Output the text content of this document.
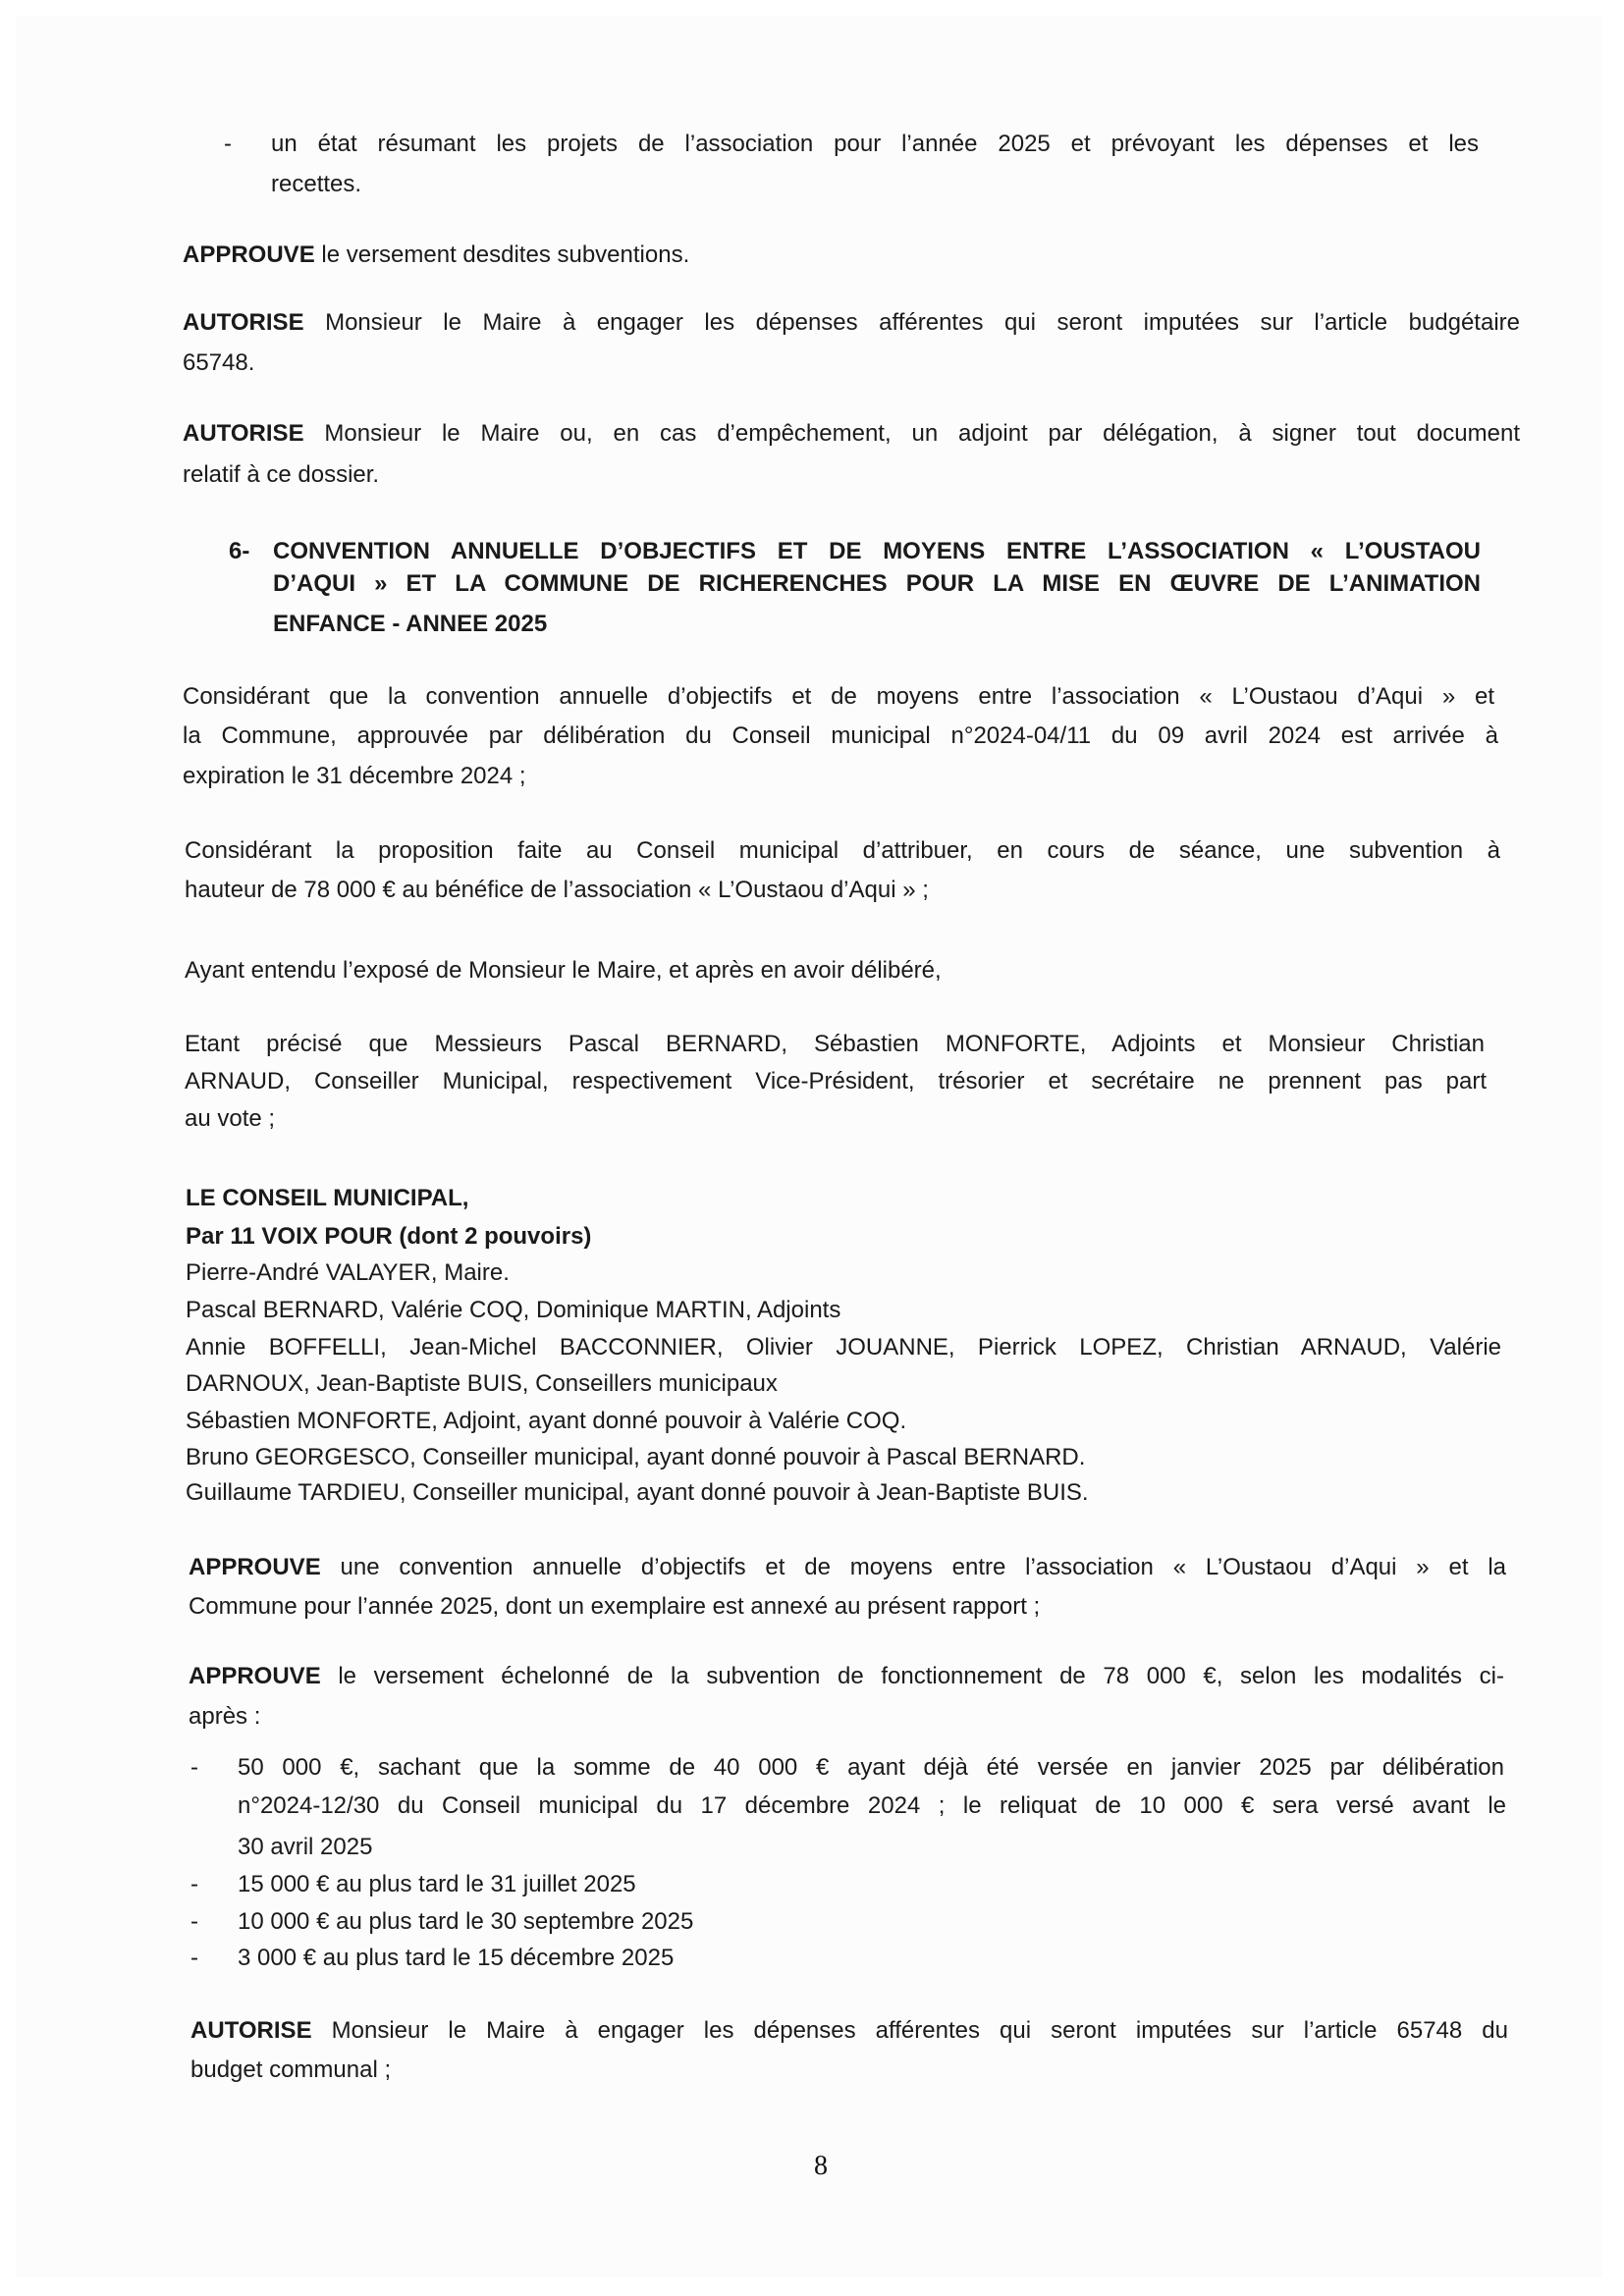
- un état résumant les projets de l’association pour l’année 2025 et prévoyant les dépenses et les
recettes.
APPROUVE le versement desdites subventions.
AUTORISE Monsieur le Maire à engager les dépenses afférentes qui seront imputées sur l’article budgétaire
65748.
AUTORISE Monsieur le Maire ou, en cas d’empêchement, un adjoint par délégation, à signer tout document
relatif à ce dossier.
6- CONVENTION ANNUELLE D’OBJECTIFS ET DE MOYENS ENTRE L’ASSOCIATION « L’OUSTAOU
D’AQUI » ET LA COMMUNE DE RICHERENCHES POUR LA MISE EN ŒUVRE DE L’ANIMATION
ENFANCE - ANNEE 2025
Considérant que la convention annuelle d’objectifs et de moyens entre l’association « L’Oustaou d’Aqui » et
la Commune, approuvée par délibération du Conseil municipal n°2024-04/11 du 09 avril 2024 est arrivée à
expiration le 31 décembre 2024 ;
Considérant la proposition faite au Conseil municipal d’attribuer, en cours de séance, une subvention à
hauteur de 78 000 € au bénéfice de l’association « L’Oustaou d’Aqui » ;
Ayant entendu l’exposé de Monsieur le Maire, et après en avoir délibéré,
Etant précisé que Messieurs Pascal BERNARD, Sébastien MONFORTE, Adjoints et Monsieur Christian
ARNAUD, Conseiller Municipal, respectivement Vice-Président, trésorier et secrétaire ne prennent pas part
au vote ;
LE CONSEIL MUNICIPAL,
Par 11 VOIX POUR (dont 2 pouvoirs)
Pierre-André VALAYER, Maire.
Pascal BERNARD, Valérie COQ, Dominique MARTIN, Adjoints
Annie BOFFELLI, Jean-Michel BACCONNIER, Olivier JOUANNE, Pierrick LOPEZ, Christian ARNAUD, Valérie
DARNOUX, Jean-Baptiste BUIS, Conseillers municipaux
Sébastien MONFORTE, Adjoint, ayant donné pouvoir à Valérie COQ.
Bruno GEORGESCO, Conseiller municipal, ayant donné pouvoir à Pascal BERNARD.
Guillaume TARDIEU, Conseiller municipal, ayant donné pouvoir à Jean-Baptiste BUIS.
APPROUVE une convention annuelle d’objectifs et de moyens entre l’association « L’Oustaou d’Aqui » et la
Commune pour l’année 2025, dont un exemplaire est annexé au présent rapport ;
APPROUVE le versement échelonné de la subvention de fonctionnement de 78 000 €, selon les modalités ci-
après :
- 50 000 €, sachant que la somme de 40 000 € ayant déjà été versée en janvier 2025 par délibération
n°2024-12/30 du Conseil municipal du 17 décembre 2024 ; le reliquat de 10 000 € sera versé avant le
30 avril 2025
- 15 000 € au plus tard le 31 juillet 2025
- 10 000 € au plus tard le 30 septembre 2025
- 3 000 € au plus tard le 15 décembre 2025
AUTORISE Monsieur le Maire à engager les dépenses afférentes qui seront imputées sur l’article 65748 du
budget communal ;
8
